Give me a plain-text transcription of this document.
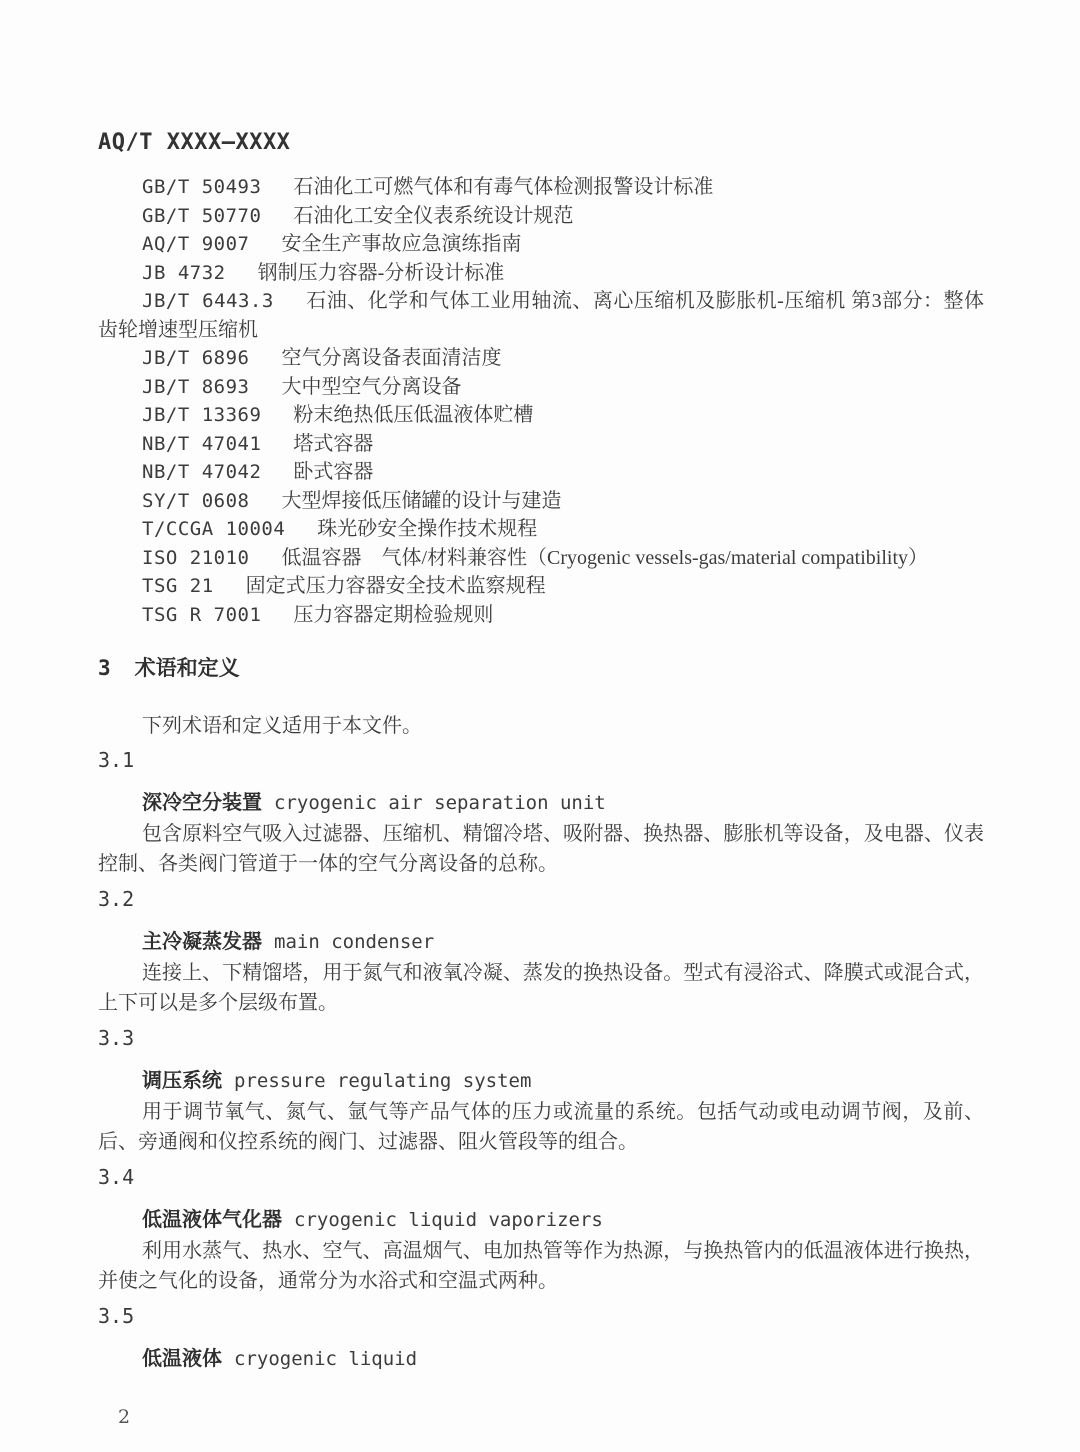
AQ/T XXXX—XXXX

GB/T 50493 石油化工可燃气体和有毒气体检测报警设计标准

GB/T 50770 石油化工安全仪表系统设计规范

AQ/T 9007 安全生产事故应急演练指南

JB 4732 钢制压力容器-分析设计标准

JB/T 6443.3 石油、化学和气体工业用轴流、离心压缩机及膨胀机-压缩机 第3部分：整体齿轮增速型压缩机

JB/T 6896 空气分离设备表面清洁度

JB/T 8693 大中型空气分离设备

JB/T 13369 粉末绝热低压低温液体贮槽

NB/T 47041 塔式容器

NB/T 47042 卧式容器

SY/T 0608 大型焊接低压储罐的设计与建造

T/CCGA 10004 珠光砂安全操作技术规程

ISO 21010 低温容器　气体/材料兼容性（Cryogenic vessels-gas/material compatibility）

TSG 21 固定式压力容器安全技术监察规程

TSG R 7001 压力容器定期检验规则

3 术语和定义

下列术语和定义适用于本文件。

3.1

深冷空分装置 cryogenic air separation unit

包含原料空气吸入过滤器、压缩机、精馏冷塔、吸附器、换热器、膨胀机等设备，及电器、仪表控制、各类阀门管道于一体的空气分离设备的总称。

3.2

主冷凝蒸发器 main condenser

连接上、下精馏塔，用于氮气和液氧冷凝、蒸发的换热设备。型式有浸浴式、降膜式或混合式，上下可以是多个层级布置。

3.3

调压系统 pressure regulating system

用于调节氧气、氮气、氩气等产品气体的压力或流量的系统。包括气动或电动调节阀，及前、后、旁通阀和仪控系统的阀门、过滤器、阻火管段等的组合。

3.4

低温液体气化器 cryogenic liquid vaporizers

利用水蒸气、热水、空气、高温烟气、电加热管等作为热源，与换热管内的低温液体进行换热，并使之气化的设备，通常分为水浴式和空温式两种。

3.5

低温液体 cryogenic liquid

2
